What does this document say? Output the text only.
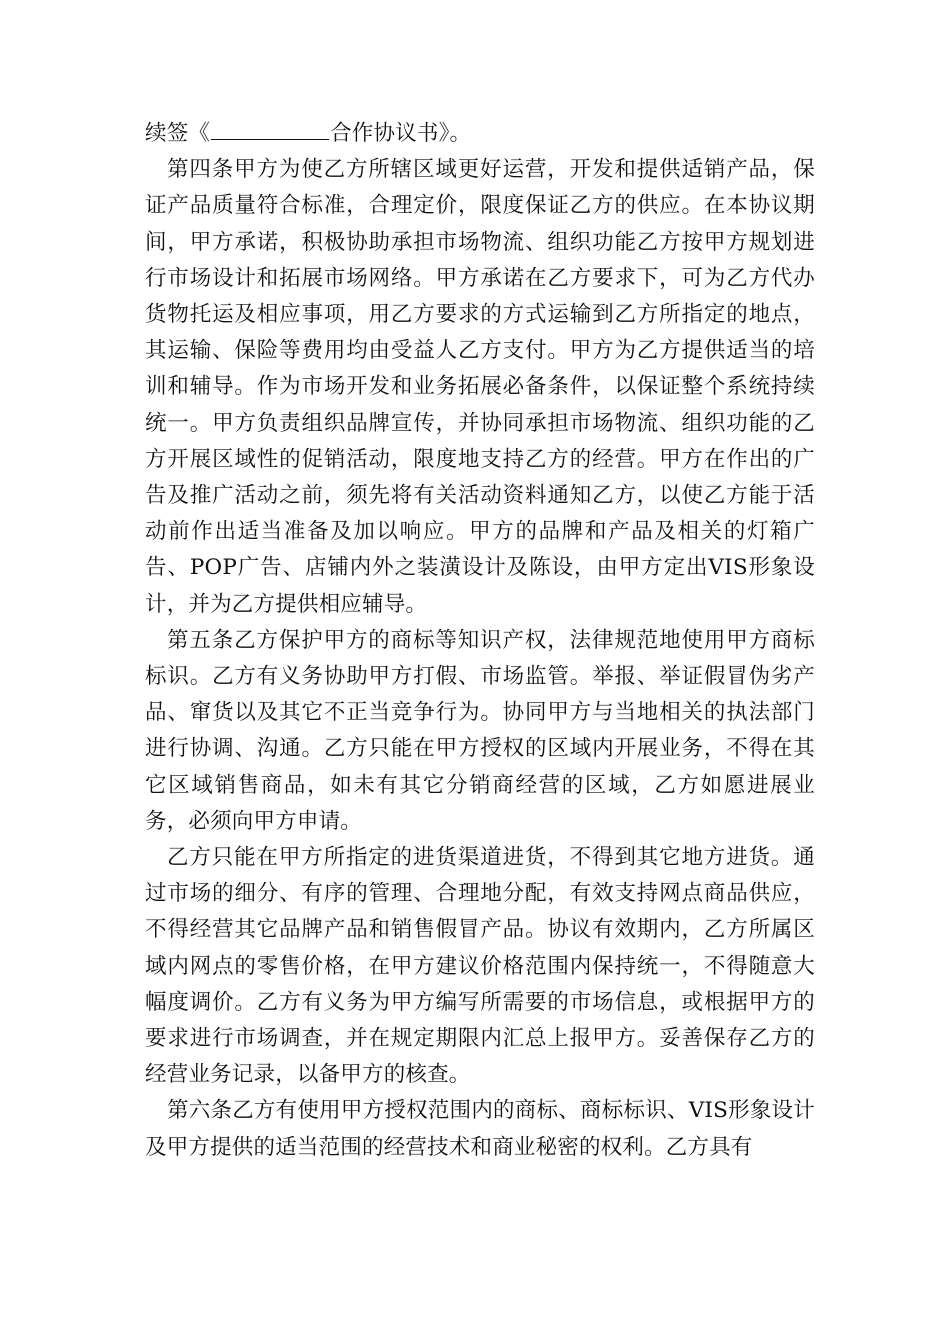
续签《	合作协议书》。

第四条甲方为使乙方所辖区域更好运营，开发和提供适销产品，保证产品质量符合标准，合理定价，限度保证乙方的供应。在本协议期间，甲方承诺，积极协助承担市场物流、组织功能乙方按甲方规划进行市场设计和拓展市场网络。甲方承诺在乙方要求下，可为乙方代办货物托运及相应事项，用乙方要求的方式运输到乙方所指定的地点，其运输、保险等费用均由受益人乙方支付。甲方为乙方提供适当的培训和辅导。作为市场开发和业务拓展必备条件，以保证整个系统持续统一。甲方负责组织品牌宣传，并协同承担市场物流、组织功能的乙方开展区域性的促销活动，限度地支持乙方的经营。甲方在作出的广告及推广活动之前，须先将有关活动资料通知乙方，以使乙方能于活动前作出适当准备及加以响应。甲方的品牌和产品及相关的灯箱广告、POP广告、店铺内外之装潢设计及陈设，由甲方定出VIS形象设计，并为乙方提供相应辅导。

第五条乙方保护甲方的商标等知识产权，法律规范地使用甲方商标标识。乙方有义务协助甲方打假、市场监管。举报、举证假冒伪劣产品、窜货以及其它不正当竞争行为。协同甲方与当地相关的执法部门进行协调、沟通。乙方只能在甲方授权的区域内开展业务，不得在其它区域销售商品，如未有其它分销商经营的区域，乙方如愿进展业务，必须向甲方申请。

乙方只能在甲方所指定的进货渠道进货，不得到其它地方进货。通过市场的细分、有序的管理、合理地分配，有效支持网点商品供应，不得经营其它品牌产品和销售假冒产品。协议有效期内，乙方所属区域内网点的零售价格，在甲方建议价格范围内保持统一，不得随意大幅度调价。乙方有义务为甲方编写所需要的市场信息，或根据甲方的要求进行市场调查，并在规定期限内汇总上报甲方。妥善保存乙方的经营业务记录，以备甲方的核查。

第六条乙方有使用甲方授权范围内的商标、商标标识、VIS形象设计及甲方提供的适当范围的经营技术和商业秘密的权利。乙方具有
